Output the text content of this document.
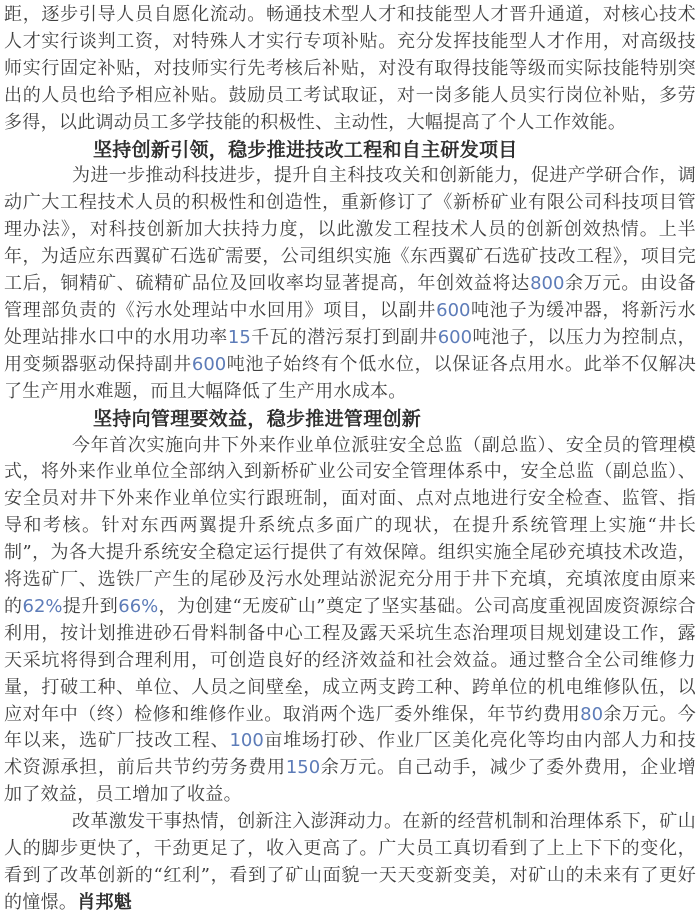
距，逐步引导人员自愿化流动。畅通技术型人才和技能型人才晋升通道，对核心技术人才实行谈判工资，对特殊人才实行专项补贴。充分发挥技能型人才作用，对高级技师实行固定补贴，对技师实行先考核后补贴，对没有取得技能等级而实际技能特别突出的人员也给予相应补贴。鼓励员工考试取证，对一岗多能人员实行岗位补贴，多劳多得，以此调动员工多学技能的积极性、主动性，大幅提高了个人工作效能。

坚持创新引领，稳步推进技改工程和自主研发项目

为进一步推动科技进步，提升自主科技攻关和创新能力，促进产学研合作，调动广大工程技术人员的积极性和创造性，重新修订了《新桥矿业有限公司科技项目管理办法》，对科技创新加大扶持力度，以此激发工程技术人员的创新创效热情。上半年，为适应东西翼矿石选矿需要，公司组织实施《东西翼矿石选矿技改工程》，项目完工后，铜精矿、硫精矿品位及回收率均显著提高，年创效益将达800余万元。由设备管理部负责的《污水处理站中水回用》项目，以副井600吨池子为缓冲器，将新污水处理站排水口中的水用功率15千瓦的潜污泵打到副井600吨池子，以压力为控制点，用变频器驱动保持副井600吨池子始终有个低水位，以保证各点用水。此举不仅解决了生产用水难题，而且大幅降低了生产用水成本。

坚持向管理要效益，稳步推进管理创新

今年首次实施向井下外来作业单位派驻安全总监（副总监）、安全员的管理模式，将外来作业单位全部纳入到新桥矿业公司安全管理体系中，安全总监（副总监）、安全员对井下外来作业单位实行跟班制，面对面、点对点地进行安全检查、监管、指导和考核。针对东西两翼提升系统点多面广的现状，在提升系统管理上实施“井长制”，为各大提升系统安全稳定运行提供了有效保障。组织实施全尾砂充填技术改造，将选矿厂、选铁厂产生的尾砂及污水处理站淤泥充分用于井下充填，充填浓度由原来的62%提升到66%，为创建“无废矿山”奠定了坚实基础。公司高度重视固废资源综合利用，按计划推进砂石骨料制备中心工程及露天采坑生态治理项目规划建设工作，露天采坑将得到合理利用，可创造良好的经济效益和社会效益。通过整合全公司维修力量，打破工种、单位、人员之间壁垒，成立两支跨工种、跨单位的机电维修队伍，以应对年中（终）检修和维修作业。取消两个选厂委外维保，年节约费用80余万元。今年以来，选矿厂技改工程、100亩堆场打砂、作业厂区美化亮化等均由内部人力和技术资源承担，前后共节约劳务费用150余万元。自己动手，减少了委外费用，企业增加了效益，员工增加了收益。

改革激发干事热情，创新注入澎湃动力。在新的经营机制和治理体系下，矿山人的脚步更快了，干劲更足了，收入更高了。广大员工真切看到了上上下下的变化，看到了改革创新的“红利”，看到了矿山面貌一天天变新变美，对矿山的未来有了更好的憧憬。肖邦魁
